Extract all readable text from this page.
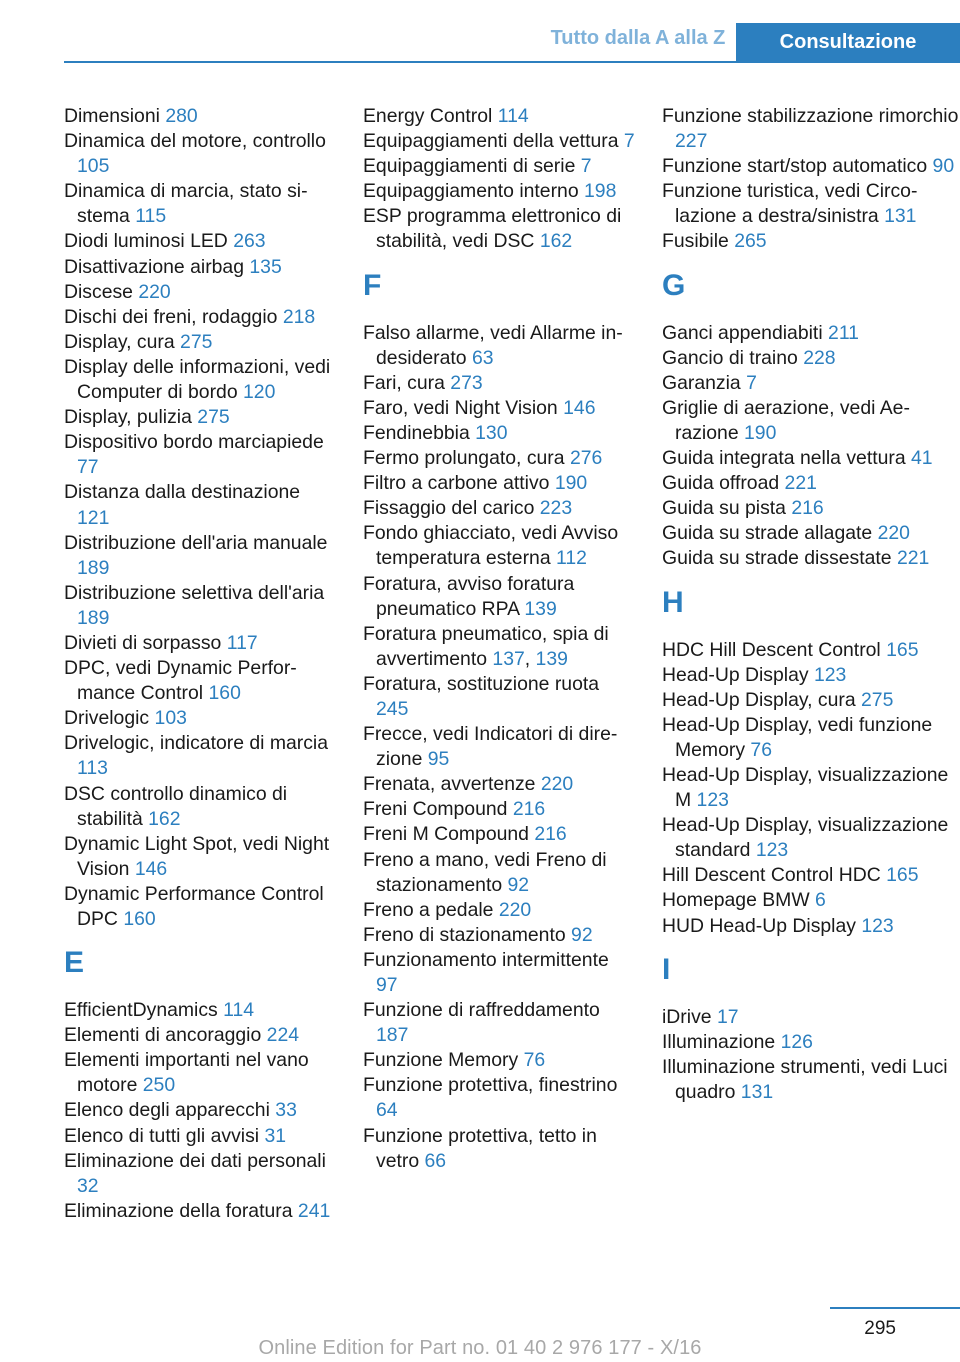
Tutto dalla A alla Z	Consultazione
Dimensioni 280
Dinamica del motore, controllo 105
Dinamica di marcia, stato sistema 115
Diodi luminosi LED 263
Disattivazione airbag 135
Discese 220
Dischi dei freni, rodaggio 218
Display, cura 275
Display delle informazioni, vedi Computer di bordo 120
Display, pulizia 275
Dispositivo bordo marciapiede 77
Distanza dalla destinazione 121
Distribuzione dell'aria manuale 189
Distribuzione selettiva dell'aria 189
Divieti di sorpasso 117
DPC, vedi Dynamic Performance Control 160
Drivelogic 103
Drivelogic, indicatore di marcia 113
DSC controllo dinamico di stabilità 162
Dynamic Light Spot, vedi Night Vision 146
Dynamic Performance Control DPC 160
E
EfficientDynamics 114
Elementi di ancoraggio 224
Elementi importanti nel vano motore 250
Elenco degli apparecchi 33
Elenco di tutti gli avvisi 31
Eliminazione dei dati personali 32
Eliminazione della foratura 241
Energy Control 114
Equipaggiamenti della vettura 7
Equipaggiamenti di serie 7
Equipaggiamento interno 198
ESP programma elettronico di stabilità, vedi DSC 162
F
Falso allarme, vedi Allarme indesiderato 63
Fari, cura 273
Faro, vedi Night Vision 146
Fendinebbia 130
Fermo prolungato, cura 276
Filtro a carbone attivo 190
Fissaggio del carico 223
Fondo ghiacciato, vedi Avviso temperatura esterna 112
Foratura, avviso foratura pneumatico RPA 139
Foratura pneumatico, spia di avvertimento 137, 139
Foratura, sostituzione ruota 245
Frecce, vedi Indicatori di direzione 95
Frenata, avvertenze 220
Freni Compound 216
Freni M Compound 216
Freno a mano, vedi Freno di stazionamento 92
Freno a pedale 220
Freno di stazionamento 92
Funzionamento intermittente 97
Funzione di raffreddamento 187
Funzione Memory 76
Funzione protettiva, finestrino 64
Funzione protettiva, tetto in vetro 66
Funzione stabilizzazione rimorchio 227
Funzione start/stop automatico 90
Funzione turistica, vedi Circolazione a destra/sinistra 131
Fusibile 265
G
Ganci appendiabiti 211
Gancio di traino 228
Garanzia 7
Griglie di aerazione, vedi Aerazione 190
Guida integrata nella vettura 41
Guida offroad 221
Guida su pista 216
Guida su strade allagate 220
Guida su strade dissestate 221
H
HDC Hill Descent Control 165
Head-Up Display 123
Head-Up Display, cura 275
Head-Up Display, vedi funzione Memory 76
Head-Up Display, visualizzazione M 123
Head-Up Display, visualizzazione standard 123
Hill Descent Control HDC 165
Homepage BMW 6
HUD Head-Up Display 123
I
iDrive 17
Illuminazione 126
Illuminazione strumenti, vedi Luci quadro 131
295
Online Edition for Part no. 01 40 2 976 177 - X/16
